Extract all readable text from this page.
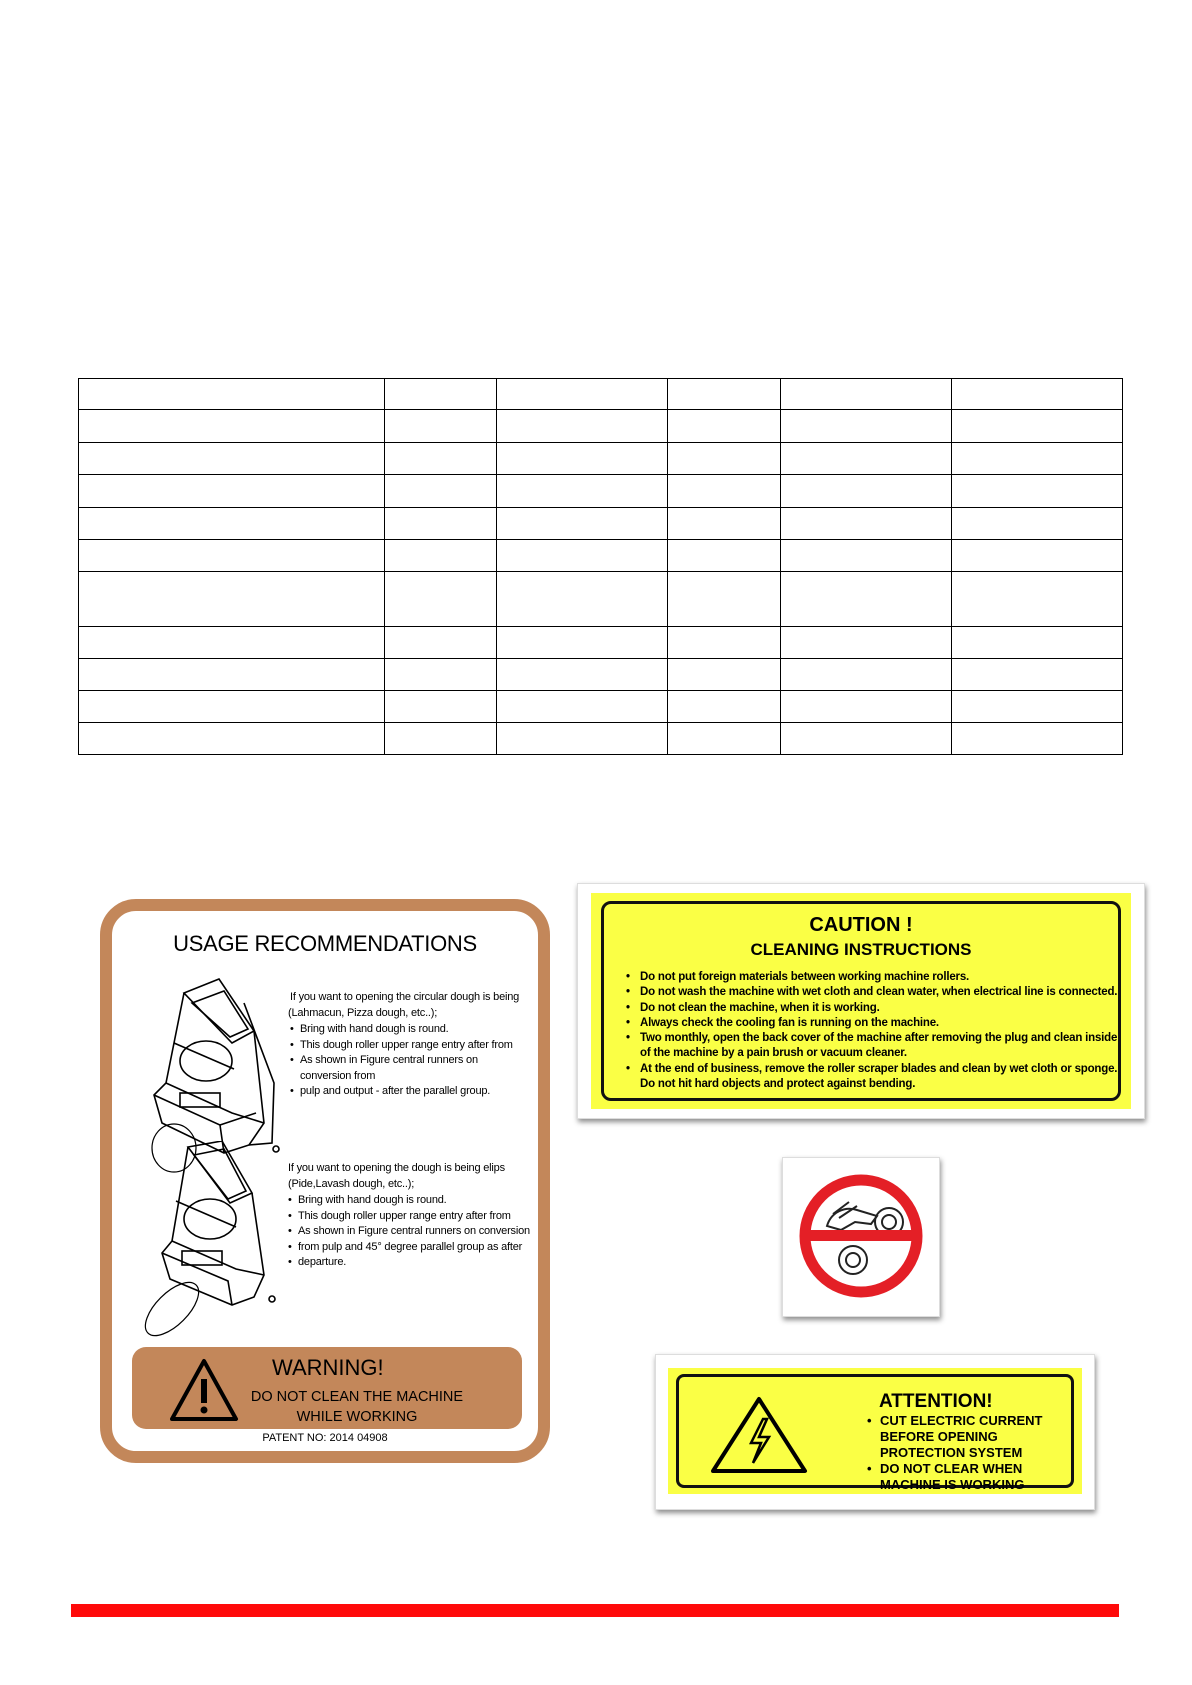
USAGE RECOMMENDATIONS
If you want to opening the circular dough is being
(Lahmacun, Pizza dough, etc..);
• Bring with hand dough is round.
• This dough roller upper range entry after from
• As shown in Figure central runners on conversion from
• pulp and output - after the parallel group.
If you want to opening the dough is being elips
(Pide,Lavash dough, etc..);
• Bring with hand dough is round.
• This dough roller upper range entry after from
• As shown in Figure central runners on conversion
• from pulp and 45° degree parallel group as after
• departure.
WARNING!
DO NOT CLEAN THE MACHINE
WHILE WORKING
PATENT NO: 2014 04908
CAUTION !
CLEANING INSTRUCTIONS
• Do not put foreign materials between working machine rollers.
• Do not wash the machine with wet cloth and clean water, when electrical line is connected.
• Do not clean the machine, when it is working.
• Always check the cooling fan is running on the machine.
• Two monthly, open the back cover of the machine after removing the plug and clean inside
of the machine by a pain brush or vacuum cleaner.
• At the end of business, remove the roller scraper blades and clean by wet cloth or sponge.
Do not hit hard objects and protect against bending.
ATTENTION!
• CUT ELECTRIC CURRENT
BEFORE OPENING
PROTECTION SYSTEM
• DO NOT CLEAR WHEN
MACHINE IS WORKING
